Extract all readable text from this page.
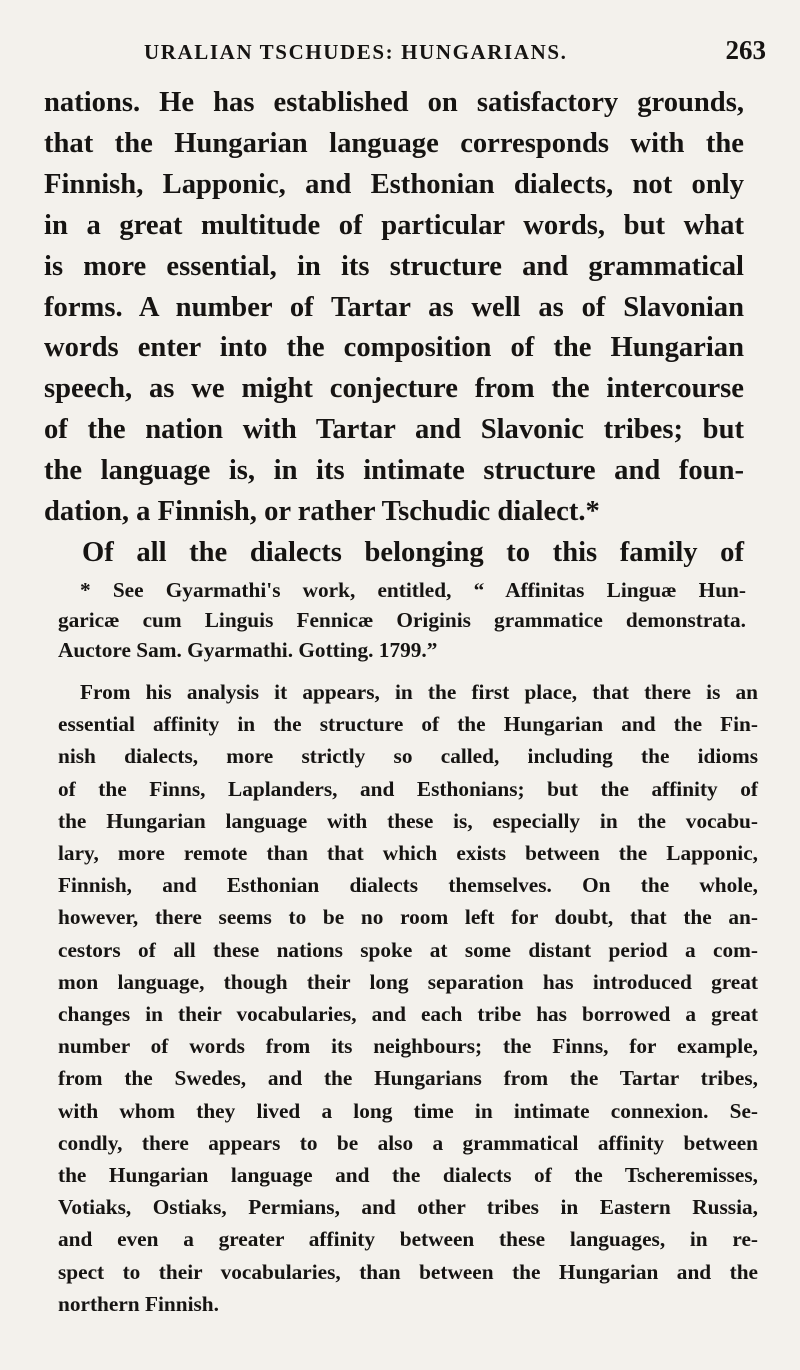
URALIAN TSCHUDES: HUNGARIANS.	263
nations. He has established on satisfactory grounds,
that the Hungarian language corresponds with the
Finnish, Lapponic, and Esthonian dialects, not only
in a great multitude of particular words, but what
is more essential, in its structure and grammatical
forms. A number of Tartar as well as of Slavonian
words enter into the composition of the Hungarian
speech, as we might conjecture from the intercourse
of the nation with Tartar and Slavonic tribes; but
the language is, in its intimate structure and foun-
dation, a Finnish, or rather Tschudic dialect.*
Of all the dialects belonging to this family of
* See Gyarmathi's work, entitled, “ Affinitas Linguæ Hun-
garicæ cum Linguis Fennicæ Originis grammatice demonstrata.
Auctore Sam. Gyarmathi. Gotting. 1799.”
From his analysis it appears, in the first place, that there is an
essential affinity in the structure of the Hungarian and the Fin-
nish dialects, more strictly so called, including the idioms
of the Finns, Laplanders, and Esthonians; but the affinity of
the Hungarian language with these is, especially in the vocabu-
lary, more remote than that which exists between the Lapponic,
Finnish, and Esthonian dialects themselves. On the whole,
however, there seems to be no room left for doubt, that the an-
cestors of all these nations spoke at some distant period a com-
mon language, though their long separation has introduced great
changes in their vocabularies, and each tribe has borrowed a great
number of words from its neighbours; the Finns, for example,
from the Swedes, and the Hungarians from the Tartar tribes,
with whom they lived a long time in intimate connexion. Se-
condly, there appears to be also a grammatical affinity between
the Hungarian language and the dialects of the Tscheremisses,
Votiaks, Ostiaks, Permians, and other tribes in Eastern Russia,
and even a greater affinity between these languages, in re-
spect to their vocabularies, than between the Hungarian and the
northern Finnish.
